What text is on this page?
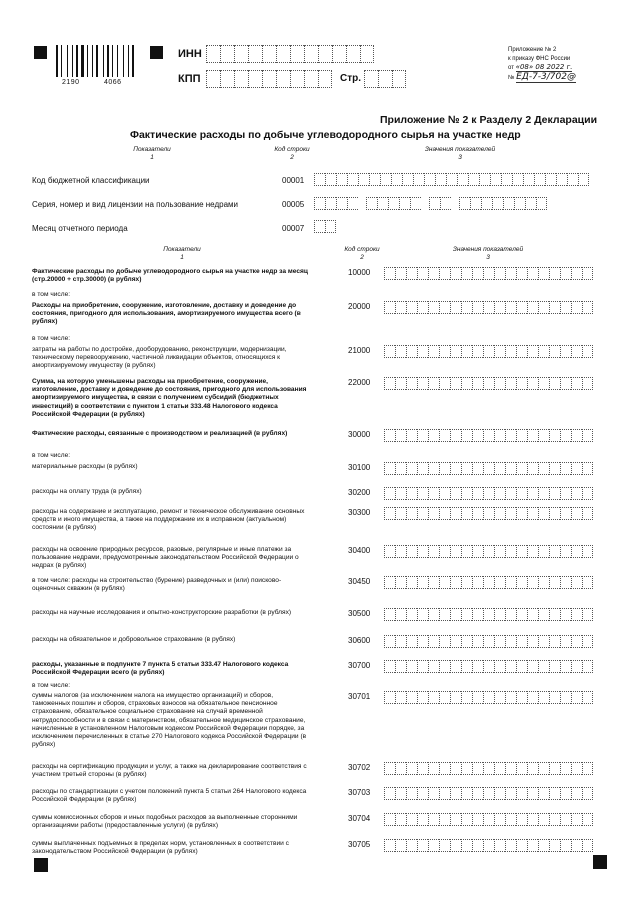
2190	4066
ИНН
КПП	Стр.
Приложение № 2
к приказу ФНС России
от «08» 08 2022 г.
№ ЕД-7-3/702@
Приложение № 2 к Разделу 2 Декларации
Фактические расходы по добыче углеводородного сырья на участке недр
Показатели
1
Код строки
2
Значения показателей
3
Код бюджетной классификации	00001
Серия, номер и вид лицензии на пользование недрами	00005
Месяц отчетного периода	00007
Показатели
1
Код строки
2
Значения показателей
3
Фактические расходы по добыче углеводородного сырья на участке недр за месяц (стр.20000 + стр.30000) (в рублях)
10000
в том числе:
Расходы на приобретение, сооружение, изготовление, доставку и доведение до состояния, пригодного для использования, амортизируемого имущества всего (в рублях)
20000
в том числе:
затраты на работы по достройке, дооборудованию, реконструкции, модернизации, техническому перевооружению, частичной ликвидации объектов, относящихся к амортизируемому имуществу (в рублях)
21000
Сумма, на которую уменьшены расходы на приобретение, сооружение, изготовление, доставку и доведение до состояния, пригодного для использования амортизируемого имущества, в связи с получением субсидий (бюджетных инвестиций) в соответствии с пунктом 1 статьи 333.48 Налогового кодекса Российской Федерации (в рублях)
22000
Фактические расходы, связанные с производством и реализацией (в рублях)	30000
в том числе:
материальные расходы (в рублях)	30100
расходы на оплату труда (в рублях)	30200
расходы на содержание и эксплуатацию, ремонт и техническое обслуживание основных средств и иного имущества, а также на поддержание их в исправном (актуальном) состоянии (в рублях)
30300
расходы на освоение природных ресурсов, разовые, регулярные и иные платежи за пользование недрами, предусмотренные законодательством Российской Федерации о недрах (в рублях)
30400
в том числе: расходы на строительство (бурение) разведочных и (или) поисково-оценочных скважин (в рублях)
30450
расходы на научные исследования и опытно-конструкторские разработки (в рублях)	30500
расходы на обязательное и добровольное страхование (в рублях)	30600
расходы, указанные в подпункте 7 пункта 5 статьи 333.47 Налогового кодекса Российской Федерации всего (в рублях)
30700
в том числе:
суммы налогов (за исключением налога на имущество организаций) и сборов, таможенных пошлин и сборов, страховых взносов на обязательное пенсионное страхование, обязательное социальное страхование на случай временной нетрудоспособности и в связи с материнством, обязательное медицинское страхование, начисленные в установленном Налоговым кодексом Российской Федерации порядке, за исключением перечисленных в статье 270 Налогового кодекса Российской Федерации (в рублях)
30701
расходы на сертификацию продукции и услуг, а также на декларирование соответствия с участием третьей стороны (в рублях)
30702
расходы по стандартизации с учетом положений пункта 5 статьи 264 Налогового кодекса Российской Федерации (в рублях)
30703
суммы комиссионных сборов и иных подобных расходов за выполненные сторонними организациями работы (предоставленные услуги) (в рублях)
30704
суммы выплаченных подъемных в пределах норм, установленных в соответствии с законодательством Российской Федерации (в рублях)
30705
